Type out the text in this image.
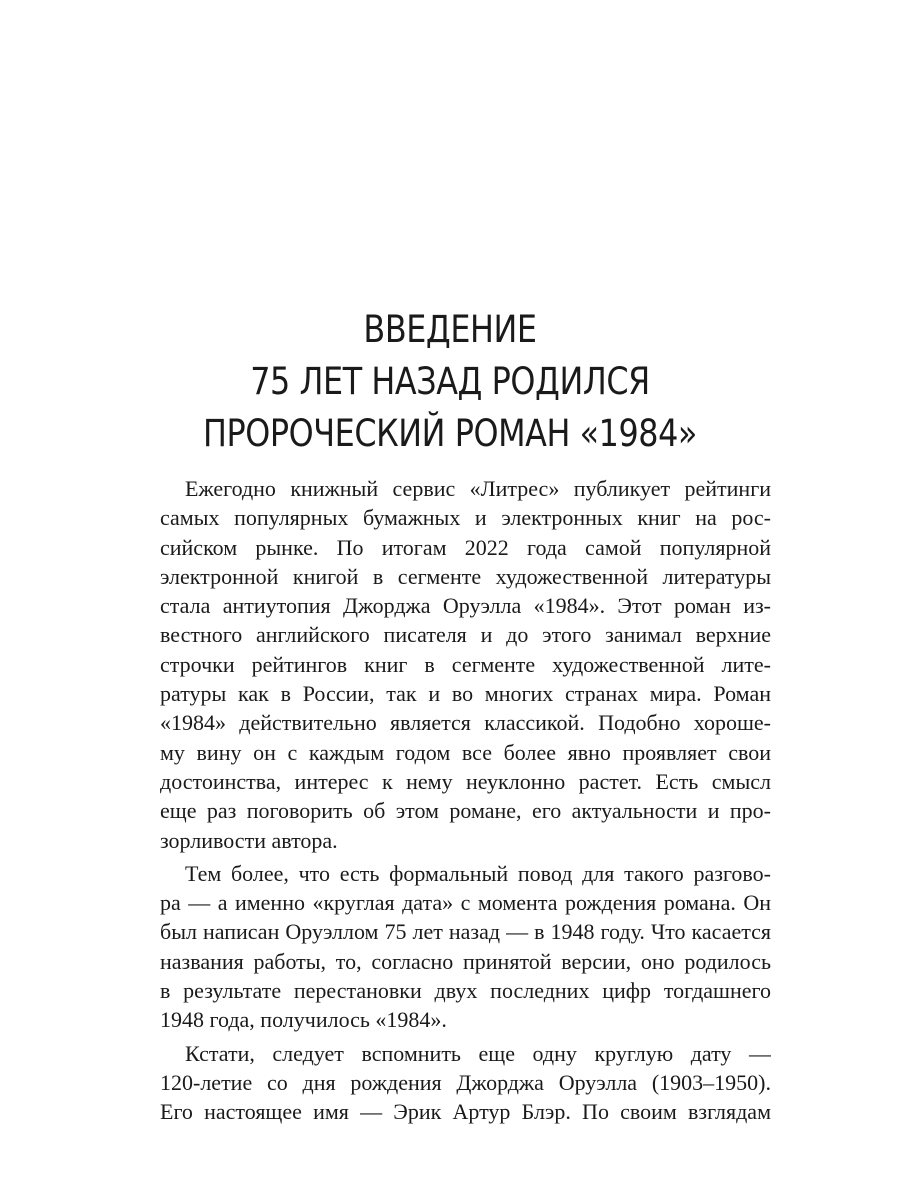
ВВЕДЕНИЕ
75 ЛЕТ НАЗАД РОДИЛСЯ
ПРОРОЧЕСКИЙ РОМАН «1984»
Ежегодно книжный сервис «Литрес» публикует рейтинги
самых популярных бумажных и электронных книг на рос-
сийском рынке. По итогам 2022 года самой популярной
электронной книгой в сегменте художественной литературы
стала антиутопия Джорджа Оруэлла «1984». Этот роман из-
вестного английского писателя и до этого занимал верхние
строчки рейтингов книг в сегменте художественной лите-
ратуры как в России, так и во многих странах мира. Роман
«1984» действительно является классикой. Подобно хороше-
му вину он с каждым годом все более явно проявляет свои
достоинства, интерес к нему неуклонно растет. Есть смысл
еще раз поговорить об этом романе, его актуальности и про-
зорливости автора.
Тем более, что есть формальный повод для такого разгово-
ра — а именно «круглая дата» с момента рождения романа. Он
был написан Оруэллом 75 лет назад — в 1948 году. Что касается
названия работы, то, согласно принятой версии, оно родилось
в результате перестановки двух последних цифр тогдашнего
1948 года, получилось «1984».
Кстати, следует вспомнить еще одну круглую дату —
120-летие со дня рождения Джорджа Оруэлла (1903–1950).
Его настоящее имя — Эрик Артур Блэр. По своим взглядам
